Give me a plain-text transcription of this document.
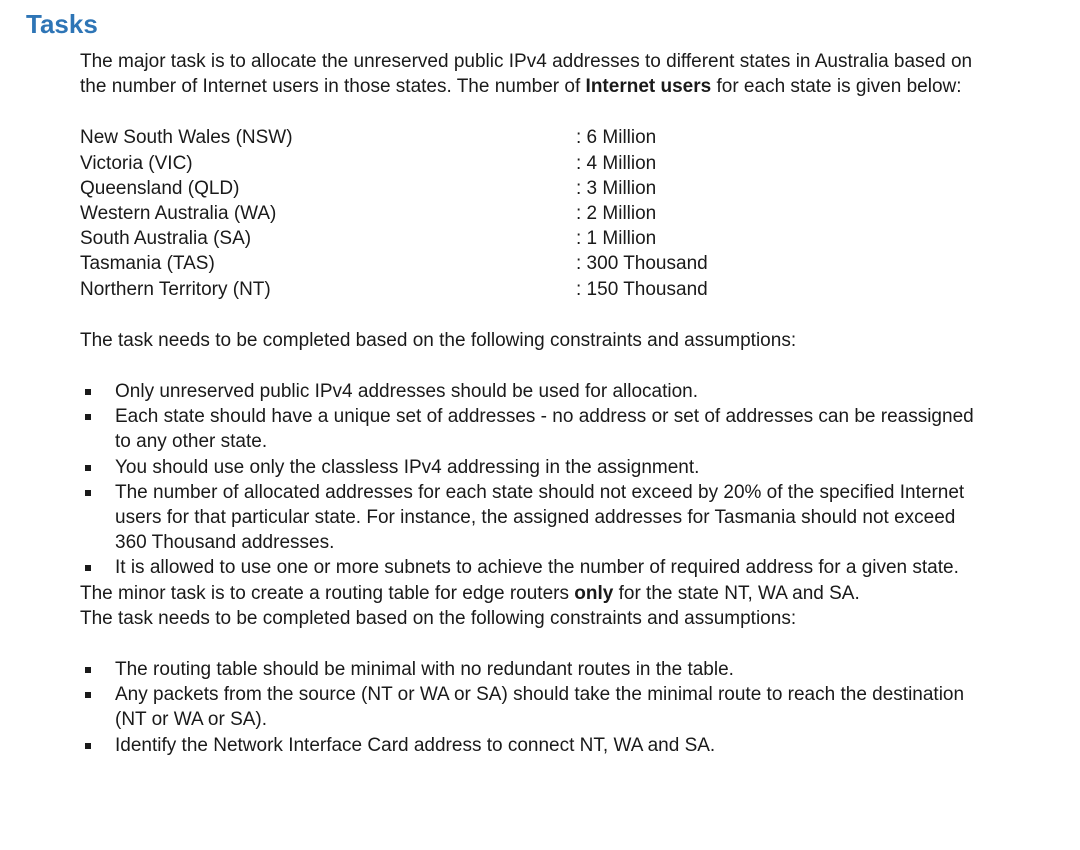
Tasks

The major task is to allocate the unreserved public IPv4 addresses to different states in Australia based on the number of Internet users in those states. The number of Internet users for each state is given below:

New South Wales (NSW)	: 6 Million
Victoria (VIC)	: 4 Million
Queensland (QLD)	: 3 Million
Western Australia (WA)	: 2 Million
South Australia (SA)	: 1 Million
Tasmania (TAS)	: 300 Thousand
Northern Territory (NT)	: 150 Thousand

The task needs to be completed based on the following constraints and assumptions:

Only unreserved public IPv4 addresses should be used for allocation.
Each state should have a unique set of addresses - no address or set of addresses can be reassigned to any other state.
You should use only the classless IPv4 addressing in the assignment.
The number of allocated addresses for each state should not exceed by 20% of the specified Internet users for that particular state. For instance, the assigned addresses for Tasmania should not exceed 360 Thousand addresses.
It is allowed to use one or more subnets to achieve the number of required address for a given state.

The minor task is to create a routing table for edge routers only for the state NT, WA and SA.

The task needs to be completed based on the following constraints and assumptions:

The routing table should be minimal with no redundant routes in the table.
Any packets from the source (NT or WA or SA) should take the minimal route to reach the destination (NT or WA or SA).
Identify the Network Interface Card address to connect NT, WA and SA.
